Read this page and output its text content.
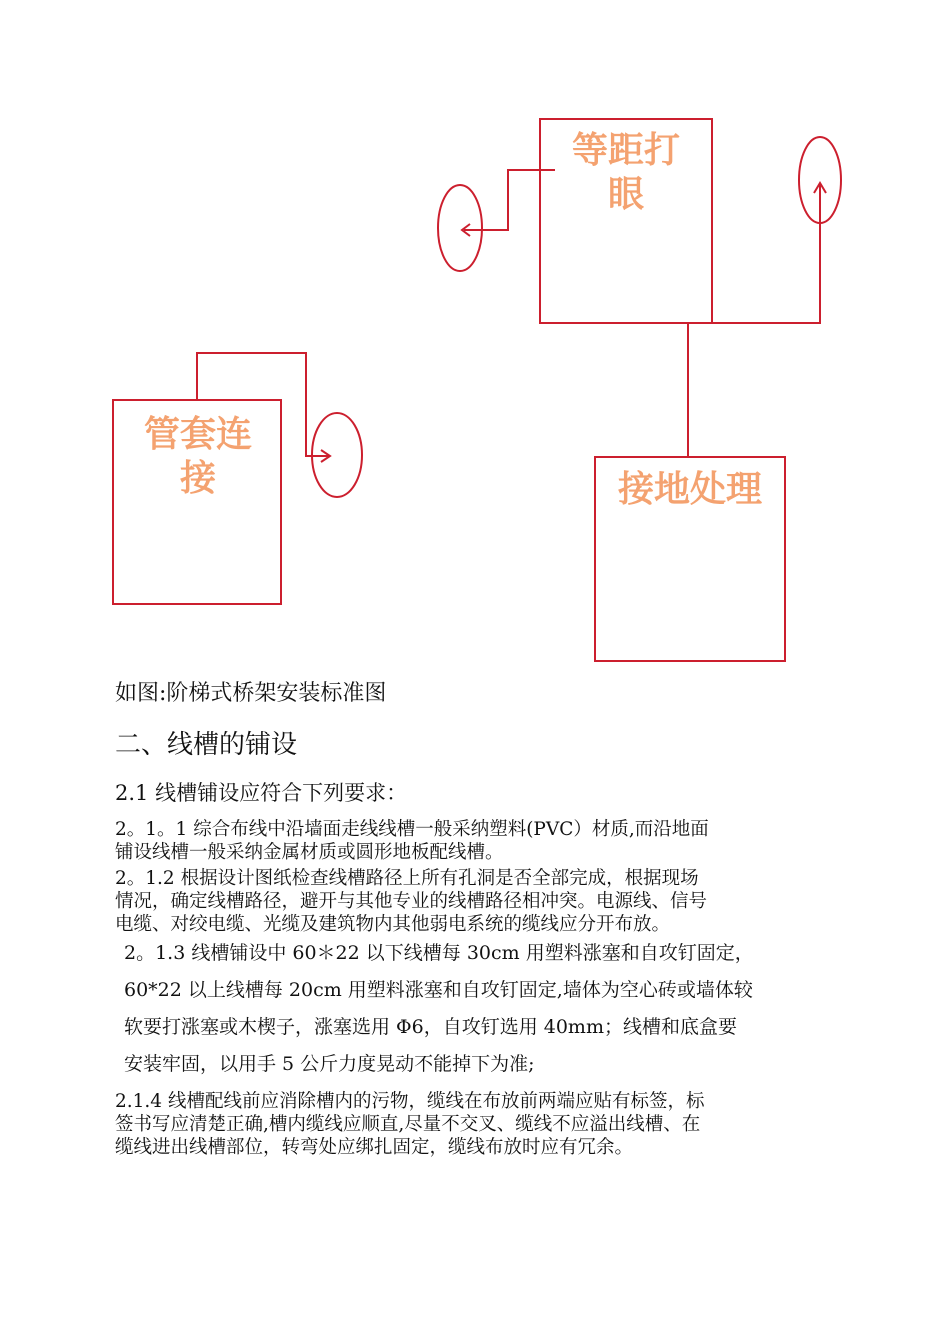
等距打
眼
管套连
接	接地处理

如图:阶梯式桥架安装标准图

二、线槽的铺设

2.1 线槽铺设应符合下列要求：

2。1。1 综合布线中沿墙面走线线槽一般采纳塑料(PVC）材质,而沿地面
铺设线槽一般采纳金属材质或圆形地板配线槽。
2。1.2 根据设计图纸检查线槽路径上所有孔洞是否全部完成，根据现场
情况，确定线槽路径，避开与其他专业的线槽路径相冲突。电源线、信号
电缆、对绞电缆、光缆及建筑物内其他弱电系统的缆线应分开布放。
2。1.3 线槽铺设中 60＊22 以下线槽每 30cm 用塑料涨塞和自攻钉固定，
60*22 以上线槽每 20cm 用塑料涨塞和自攻钉固定,墙体为空心砖或墙体较
软要打涨塞或木楔子，涨塞选用 Φ6，自攻钉选用 40mm；线槽和底盒要
安装牢固，以用手 5 公斤力度晃动不能掉下为准;
2.1.4 线槽配线前应消除槽内的污物，缆线在布放前两端应贴有标签，标
签书写应清楚正确,槽内缆线应顺直,尽量不交叉、缆线不应溢出线槽、在
缆线进出线槽部位，转弯处应绑扎固定，缆线布放时应有冗余。
